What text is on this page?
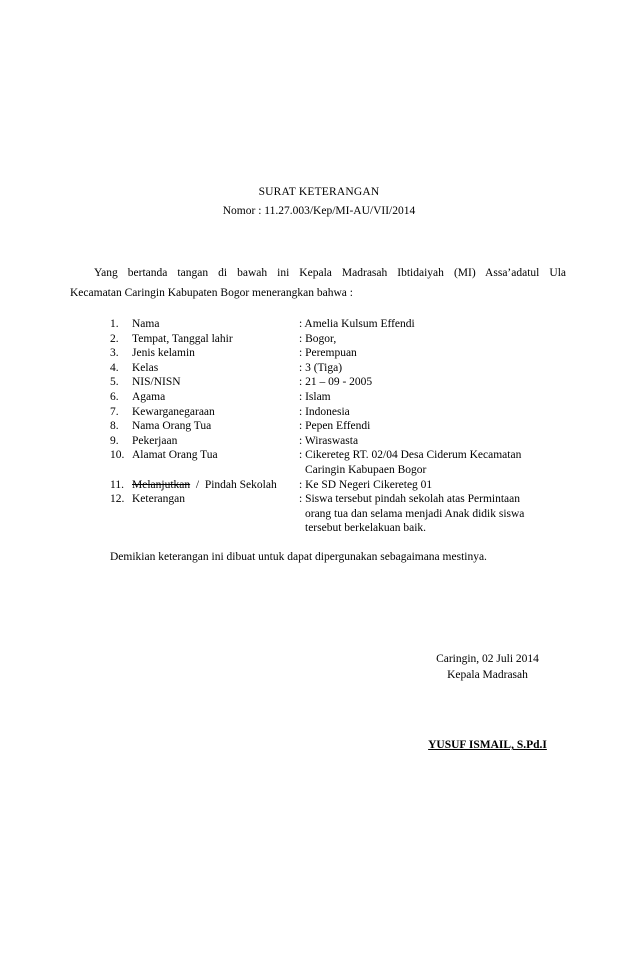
SURAT KETERANGAN
Nomor : 11.27.003/Kep/MI-AU/VII/2014
Yang bertanda tangan di bawah ini Kepala Madrasah Ibtidaiyah (MI) Assa’adatul Ula
Kecamatan Caringin Kabupaten Bogor menerangkan bahwa :
1.	Nama	: Amelia Kulsum Effendi
2.	Tempat, Tanggal lahir	: Bogor,
3.	Jenis kelamin	: Perempuan
4.	Kelas	: 3 (Tiga)
5.	NIS/NISN	: 21 – 09 - 2005
6.	Agama	: Islam
7.	Kewarganegaraan	: Indonesia
8.	Nama Orang Tua	: Pepen Effendi
9.	Pekerjaan	: Wiraswasta
10. Alamat Orang Tua	: Cikereteg RT. 02/04 Desa Ciderum Kecamatan
Caringin Kabupaen Bogor
11. Melanjutkan  /  Pindah Sekolah : Ke SD Negeri Cikereteg 01
12. Keterangan	: Siswa tersebut pindah sekolah atas Permintaan
orang tua dan selama menjadi Anak didik siswa
tersebut berkelakuan baik.
Demikian keterangan ini dibuat untuk dapat dipergunakan sebagaimana mestinya.
Caringin, 02 Juli 2014
Kepala Madrasah
YUSUF ISMAIL, S.Pd.I
